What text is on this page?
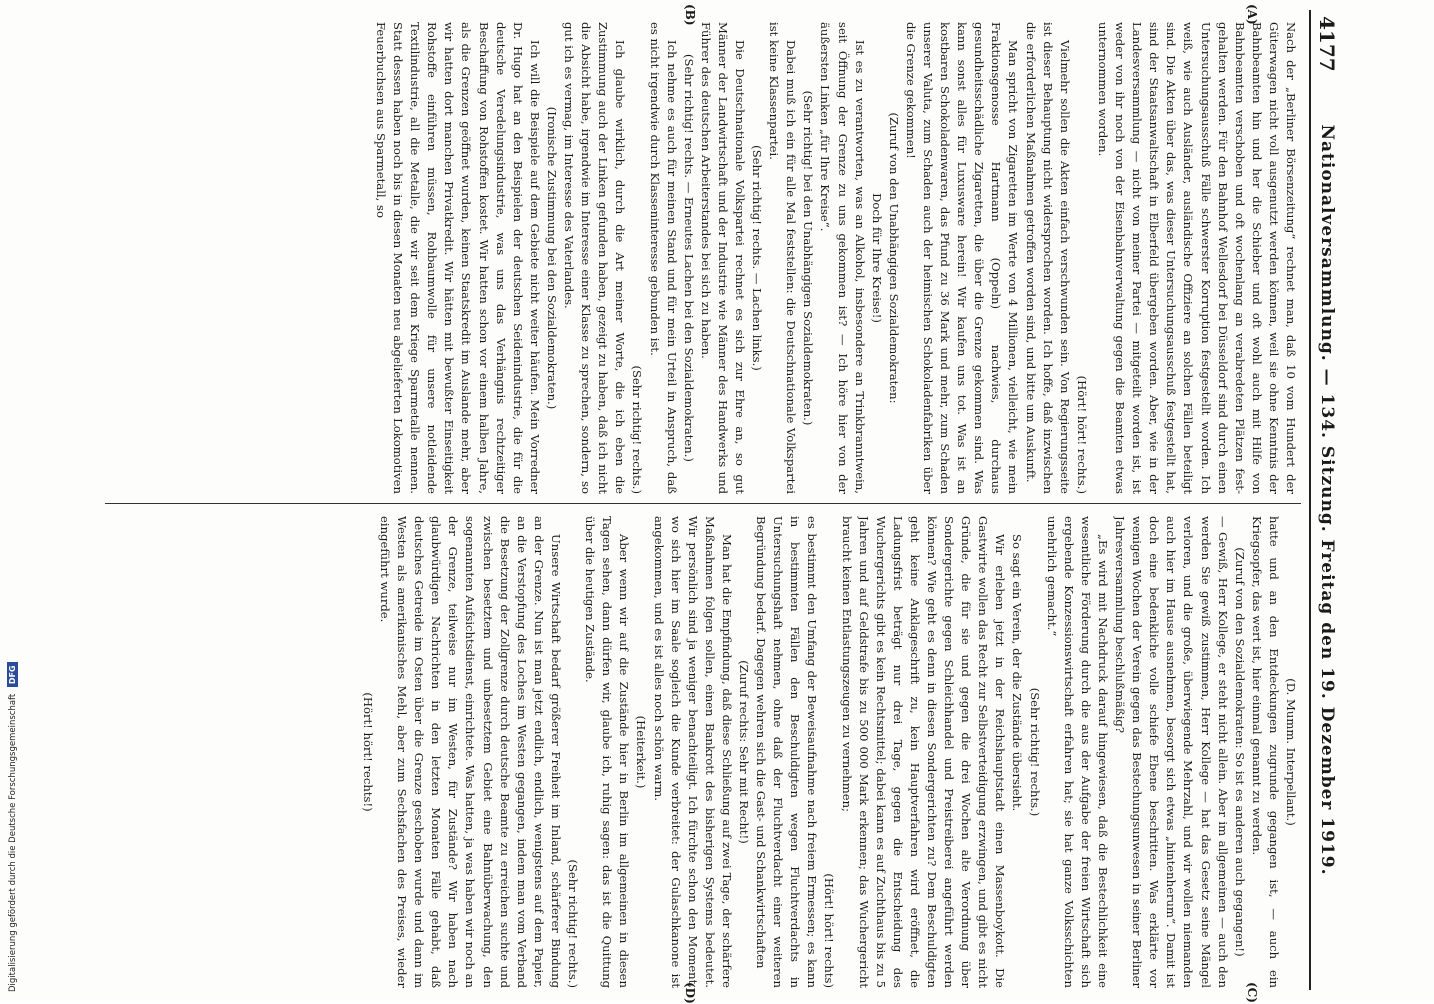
4177
Nationalversammlung. — 134. Sitzung. Freitag den 19. Dezember 1919.
(A)
(B)
(C)
(D)

Nach der „Berliner Börsenzeitung“ rechnet man, daß 10 vom Hundert der Güterwagen nicht voll ausgenutzt werden können, weil sie ohne Kenntnis der Bahnbeamten hin und her die Schieber und oft wohl auch mit Hilfe von Bahnbeamten verschoben und oft wochenlang an verabredeten Plätzen festgehalten werden. Für den Bahnhof Wellesdorf bei Düsseldorf sind durch einen Untersuchungsausschuß Fälle schwerster Korruption festgestellt worden. Ich weiß, wie auch Ausländer, ausländische Offiziere an solchen Fällen beteiligt sind. Die Akten über das, was dieser Untersuchungsausschuß festgestellt hat, sind der Staatsanwaltschaft in Elberfeld übergeben worden. Aber, wie in der Landesversammlung — nicht von meiner Partei — mitgeteilt worden ist, ist weder von ihr noch von der Eisenbahnverwaltung gegen die Beamten etwas unternommen worden.

(Hört! hört! rechts.)

Vielmehr sollen die Akten einfach verschwunden sein. Von Regierungsseite ist dieser Behauptung nicht widersprochen worden. Ich hoffe, daß inzwischen die erforderlichen Maßnahmen getroffen worden sind, und bitte um Auskunft.

Man spricht von Zigaretten im Werte von 4 Millionen, vielleicht, wie mein Fraktionsgenosse Hartmann (Oppeln) nachwies, durchaus gesundheitsschädliche Zigaretten, die über die Grenze gekommen sind. Was kann sonst alles für Luxusware herein! Wir kaufen uns tot. Was ist an kostbaren Schokoladenwaren, das Pfund zu 36 Mark und mehr, zum Schaden unserer Valuta, zum Schaden auch der heimischen Schokoladenfabriken über die Grenze gekommen!

(Zuruf von den Unabhängigen Sozialdemokraten:

Doch für Ihre Kreise!)

Ist es zu verantworten, was an Alkohol, insbesondere an Trinkbranntwein, seit Öffnung der Grenze zu uns gekommen ist? — Ich höre hier von der äußersten Linken „für Ihre Kreise“.

(Sehr richtig! bei den Unabhängigen Sozialdemokraten.)

Dabei muß ich ein für alle Mal feststellen: die Deutschnationale Volkspartei ist keine Klassenpartei.

(Sehr richtig! rechts. — Lachen links.)

Die Deutschnationale Volkspartei rechnet es sich zur Ehre an, so gut Männer der Landwirtschaft und der Industrie wie Männer des Handwerks und Führer des deutschen Arbeiterstandes bei sich zu haben.

(Sehr richtig! rechts. — Erneutes Lachen bei den Sozialdemokraten.)

Ich nehme es auch für meinen Stand und für mein Urteil in Anspruch, daß es nicht irgendwie durch Klasseninteresse gebunden ist.

(Sehr richtig! rechts.)

Ich glaube wirklich, durch die Art meiner Worte, die ich eben die Zustimmung auch der Linken gefunden haben, gezeigt zu haben, daß ich nicht die Absicht habe, irgendwie im Interesse einer Klasse zu sprechen, sondern, so gut ich es vermag, im Interesse des Vaterlandes.

(Ironische Zustimmung bei den Sozialdemokraten.)

Ich will die Beispiele auf dem Gebiete nicht weiter häufen. Mein Vorredner Dr. Hugo hat an den Beispielen der deutschen Seidenindustrie, die für die deutsche Veredelungsindustrie, was uns das Verhängnis rechtzeitiger Beschaffung von Rohstoffen kostet. Wir hatten schon vor einem halben Jahre, als die Grenzen geöffnet wurden, keinen Staatskredit im Auslande mehr, aber wir hatten dort manchen Privatkredit. Wir hätten mit bewußter Einseitigkeit Rohstoffe einführen müssen, Rohbaumwolle für unsere notleidende Textilindustrie, all die Metalle, die wir seit dem Kriege Sparmetalle nennen. Statt dessen haben noch bis in diesen Monaten neu abgelieferten Lokomotiven Feuerbuchsen aus Sparmetall, so

(D. Mumm. Interpellant.)

hatte und an den Entdeckungen zugrunde gegangen ist, — auch ein Kriegsopfer, das wert ist, hier einmal genannt zu werden.

(Zuruf von den Sozialdemokraten: So ist es anderen auch gegangen!)

— Gewiß, Herr Kollege, er steht nicht allein. Aber im allgemeinen — auch den werden Sie gewiß zustimmen, Herr Kollege — hat das Gesetz seine Mängel verloren, und die große, überwiegende Mehrzahl, und wir wollen niemanden auch hier im Hause ausnehmen, besorgt sich etwas „hintenherum“. Damit ist doch eine bedenkliche volle schiefe Ebene beschritten. Was erklärte vor wenigen Wochen der Verein gegen das Bestechungsunwesen in seiner Berliner Jahresversammlung beschlußmäßig?

„Es wird mit Nachdruck darauf hingewiesen, daß die Bestechlichkeit eine wesentliche Förderung durch die aus der Aufgabe der freien Wirtschaft sich ergebende Konzessionswirtschaft erfahren hat; sie hat ganze Volksschichten unehrlich gemacht.“

(Sehr richtig! rechts.)

So sagt ein Verein, der die Zustände übersieht.

Wir erleben jetzt in der Reichshauptstadt einen Massenboykott. Die Gastwirte wollen das Recht zur Selbstverteidigung erzwingen, und gibt es nicht Gründe, die für sie und gegen die drei Wochen alte Verordnung über Sondergerichte gegen Schleichhandel und Preistreiberei angeführt werden können? Wie geht es denn in diesen Sondergerichten zu? Dem Beschuldigten geht keine Anklageschrift zu, kein Hauptverfahren wird eröffnet, die Ladungsfrist beträgt nur drei Tage, gegen die Entscheidung des Wuchergerichts gibt es kein Rechtsmittel; dabei kann es auf Zuchthaus bis zu 5 Jahren und auf Geldstrafe bis zu 500 000 Mark erkennen; das Wuchergericht braucht keinen Entlastungszeugen zu vernehmen;

(Hört! hört! rechts)

es bestimmt den Umfang der Beweisaufnahme nach freiem Ermessen; es kann in bestimmten Fällen den Beschuldigten wegen Fluchtverdachts in Untersuchungshaft nehmen, ohne daß der Fluchtverdacht einer weiteren Begründung bedarf. Dagegen wehren sich die Gast- und Schankwirtschaften

(Zuruf rechts: Sehr mit Recht!)

Man hat die Empfindung, daß diese Schließung auf zwei Tage, der schärfere Maßnahmen folgen sollen, einen Bankrott des bisherigen Systems bedeutet. Wir persönlich sind ja weniger benachteiligt. Ich fürchte schon den Moment, wo sich hier im Saale sogleich die Kunde verbreitet: der Gulaschkanone ist angekommen, und es ist alles noch schön warm.

(Heiterkeit.)

Aber wenn wir auf die Zustände hier in Berlin im allgemeinen in diesen Tagen sehen, dann dürfen wir, glaube ich, ruhig sagen: das ist die Quittung über die heutigen Zustände.

(Sehr richtig! rechts.)

Unsere Wirtschaft bedarf größerer Freiheit im Inland, schärferer Bindung an der Grenze. Nun ist man jetzt endlich, endlich, wenigstens auf dem Papier, an die Verstopfung des Loches im Westen gegangen, indem man vom Verband die Besetzung der Zollgrenze durch deutsche Beamte zu erreichen suchte und zwischen besetztem und unbesetztem Gebiet eine Bahnüberwachung, den sogenannten Aufsichtsdienst, einrichtete. Was hatten, ja was haben wir noch an der Grenze, teilweise nur im Westen, für Zustände? Wir haben nach glaubwürdigen Nachrichten in den letzten Monaten Fälle gehabt, daß deutsches Getreide im Osten über die Grenze geschoben wurde und dann im Westen als amerikanisches Mehl, aber zum Sechsfachen des Preises, wieder eingeführt wurde.

(Hört! hört! rechts!)

Digitalisierung gefördert durch die Deutsche Forschungsgemeinschaft DFG
